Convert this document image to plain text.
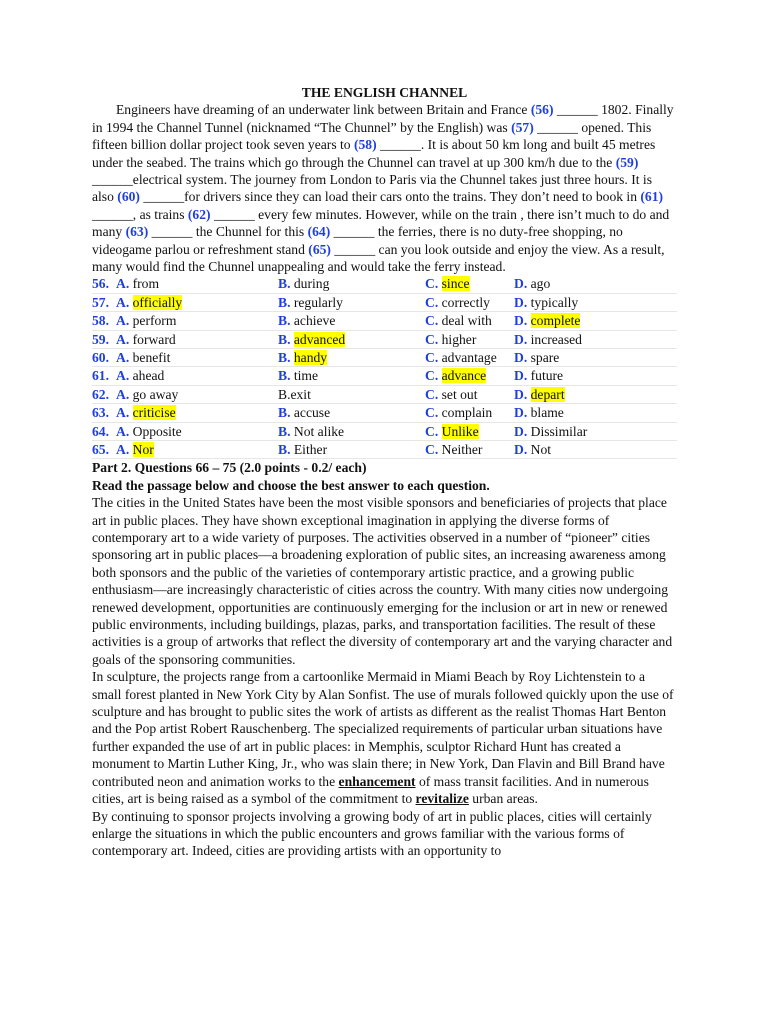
THE ENGLISH CHANNEL
Engineers have dreaming of an underwater link between Britain and France (56) ______ 1802. Finally in 1994 the Channel Tunnel (nicknamed “The Chunnel” by the English) was (57) ______ opened. This fifteen billion dollar project took seven years to (58) ______. It is about 50 km long and built 45 metres under the seabed. The trains which go through the Chunnel can travel at up 300 km/h due to the (59) ______electrical system. The journey from London to Paris via the Chunnel takes just three hours. It is also (60) ______for drivers since they can load their cars onto the trains. They don’t need to book in (61) ______, as trains (62) ______ every few minutes. However, while on the train , there isn’t much to do and many (63) ______ the Chunnel for this (64) ______ the ferries, there is no duty-free shopping, no videogame parlou or refreshment stand (65) ______ can you look outside and enjoy the view. As a result, many would find the Chunnel unappealing and would take the ferry instead.
56. A. from	B. during	C. since	D. ago
57. A. officially	B. regularly	C. correctly D. typically
58. A. perform	B. achieve	C. deal with D. complete
59. A. forward	B. advanced	C. higher	D. increased
60. A. benefit	B. handy	C. advantage D. spare
61. A. ahead	B. time	C. advance D. future
62. A. go away	B.exit	C. set out	D. depart
63. A. criticise	B. accuse	C. complain D. blame
64. A. Opposite	B. Not alike	C. Unlike	D. Dissimilar
65. A. Nor	B. Either	C. Neither D. Not
Part 2. Questions 66 – 75 (2.0 points - 0.2/ each)
Read the passage below and choose the best answer to each question.
The cities in the United States have been the most visible sponsors and beneficiaries of projects that place art in public places. They have shown exceptional imagination in applying the diverse forms of contemporary art to a wide variety of purposes. The activities observed in a number of “pioneer” cities sponsoring art in public places—a broadening exploration of public sites, an increasing awareness among both sponsors and the public of the varieties of contemporary artistic practice, and a growing public enthusiasm—are increasingly characteristic of cities across the country. With many cities now undergoing renewed development, opportunities are continuously emerging for the inclusion or art in new or renewed public environments, including buildings, plazas, parks, and transportation facilities. The result of these activities is a group of artworks that reflect the diversity of contemporary art and the varying character and goals of the sponsoring communities.
In sculpture, the projects range from a cartoonlike Mermaid in Miami Beach by Roy Lichtenstein to a small forest planted in New York City by Alan Sonfist. The use of murals followed quickly upon the use of sculpture and has brought to public sites the work of artists as different as the realist Thomas Hart Benton and the Pop artist Robert Rauschenberg. The specialized requirements of particular urban situations have further expanded the use of art in public places: in Memphis, sculptor Richard Hunt has created a monument to Martin Luther King, Jr., who was slain there; in New York, Dan Flavin and Bill Brand have contributed neon and animation works to the enhancement of mass transit facilities. And in numerous cities, art is being raised as a symbol of the commitment to revitalize urban areas.
By continuing to sponsor projects involving a growing body of art in public places, cities will certainly enlarge the situations in which the public encounters and grows familiar with the various forms of contemporary art. Indeed, cities are providing artists with an opportunity to
